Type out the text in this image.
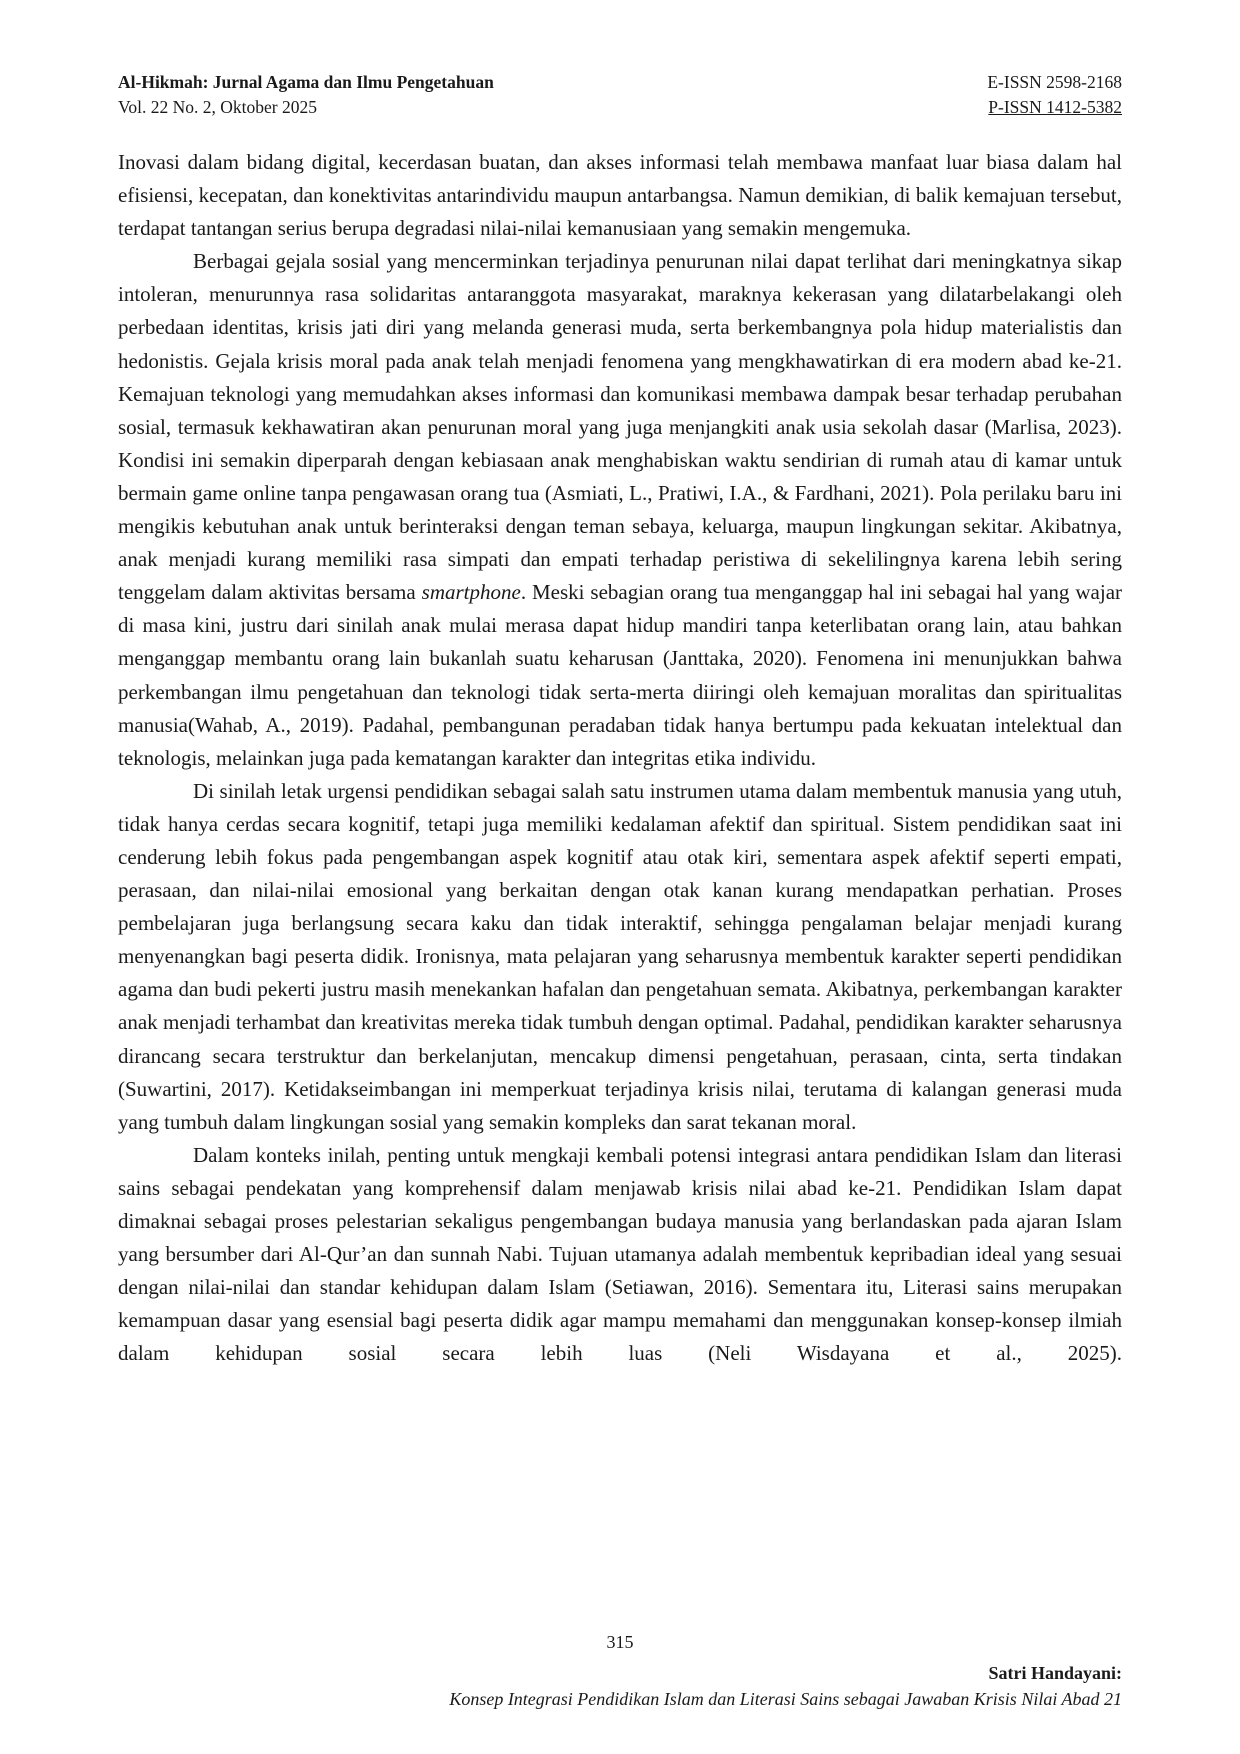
Al-Hikmah: Jurnal Agama dan Ilmu Pengetahuan	E-ISSN 2598-2168
Vol. 22 No. 2, Oktober 2025	P-ISSN 1412-5382

Inovasi dalam bidang digital, kecerdasan buatan, dan akses informasi telah membawa manfaat luar biasa dalam hal efisiensi, kecepatan, dan konektivitas antarindividu maupun antarbangsa. Namun demikian, di balik kemajuan tersebut, terdapat tantangan serius berupa degradasi nilai-nilai kemanusiaan yang semakin mengemuka.

Berbagai gejala sosial yang mencerminkan terjadinya penurunan nilai dapat terlihat dari meningkatnya sikap intoleran, menurunnya rasa solidaritas antaranggota masyarakat, maraknya kekerasan yang dilatarbelakangi oleh perbedaan identitas, krisis jati diri yang melanda generasi muda, serta berkembangnya pola hidup materialistis dan hedonistis. Gejala krisis moral pada anak telah menjadi fenomena yang mengkhawatirkan di era modern abad ke-21. Kemajuan teknologi yang memudahkan akses informasi dan komunikasi membawa dampak besar terhadap perubahan sosial, termasuk kekhawatiran akan penurunan moral yang juga menjangkiti anak usia sekolah dasar (Marlisa, 2023). Kondisi ini semakin diperparah dengan kebiasaan anak menghabiskan waktu sendirian di rumah atau di kamar untuk bermain game online tanpa pengawasan orang tua (Asmiati, L., Pratiwi, I.A., & Fardhani, 2021). Pola perilaku baru ini mengikis kebutuhan anak untuk berinteraksi dengan teman sebaya, keluarga, maupun lingkungan sekitar. Akibatnya, anak menjadi kurang memiliki rasa simpati dan empati terhadap peristiwa di sekelilingnya karena lebih sering tenggelam dalam aktivitas bersama smartphone. Meski sebagian orang tua menganggap hal ini sebagai hal yang wajar di masa kini, justru dari sinilah anak mulai merasa dapat hidup mandiri tanpa keterlibatan orang lain, atau bahkan menganggap membantu orang lain bukanlah suatu keharusan (Janttaka, 2020). Fenomena ini menunjukkan bahwa perkembangan ilmu pengetahuan dan teknologi tidak serta-merta diiringi oleh kemajuan moralitas dan spiritualitas manusia(Wahab, A., 2019). Padahal, pembangunan peradaban tidak hanya bertumpu pada kekuatan intelektual dan teknologis, melainkan juga pada kematangan karakter dan integritas etika individu.

Di sinilah letak urgensi pendidikan sebagai salah satu instrumen utama dalam membentuk manusia yang utuh, tidak hanya cerdas secara kognitif, tetapi juga memiliki kedalaman afektif dan spiritual. Sistem pendidikan saat ini cenderung lebih fokus pada pengembangan aspek kognitif atau otak kiri, sementara aspek afektif seperti empati, perasaan, dan nilai-nilai emosional yang berkaitan dengan otak kanan kurang mendapatkan perhatian. Proses pembelajaran juga berlangsung secara kaku dan tidak interaktif, sehingga pengalaman belajar menjadi kurang menyenangkan bagi peserta didik. Ironisnya, mata pelajaran yang seharusnya membentuk karakter seperti pendidikan agama dan budi pekerti justru masih menekankan hafalan dan pengetahuan semata. Akibatnya, perkembangan karakter anak menjadi terhambat dan kreativitas mereka tidak tumbuh dengan optimal. Padahal, pendidikan karakter seharusnya dirancang secara terstruktur dan berkelanjutan, mencakup dimensi pengetahuan, perasaan, cinta, serta tindakan (Suwartini, 2017). Ketidakseimbangan ini memperkuat terjadinya krisis nilai, terutama di kalangan generasi muda yang tumbuh dalam lingkungan sosial yang semakin kompleks dan sarat tekanan moral.

Dalam konteks inilah, penting untuk mengkaji kembali potensi integrasi antara pendidikan Islam dan literasi sains sebagai pendekatan yang komprehensif dalam menjawab krisis nilai abad ke-21. Pendidikan Islam dapat dimaknai sebagai proses pelestarian sekaligus pengembangan budaya manusia yang berlandaskan pada ajaran Islam yang bersumber dari Al-Qur’an dan sunnah Nabi. Tujuan utamanya adalah membentuk kepribadian ideal yang sesuai dengan nilai-nilai dan standar kehidupan dalam Islam (Setiawan, 2016). Sementara itu, Literasi sains merupakan kemampuan dasar yang esensial bagi peserta didik agar mampu memahami dan menggunakan konsep-konsep ilmiah dalam kehidupan sosial secara lebih luas (Neli Wisdayana et al., 2025).

315
Satri Handayani:
Konsep Integrasi Pendidikan Islam dan Literasi Sains sebagai Jawaban Krisis Nilai Abad 21
